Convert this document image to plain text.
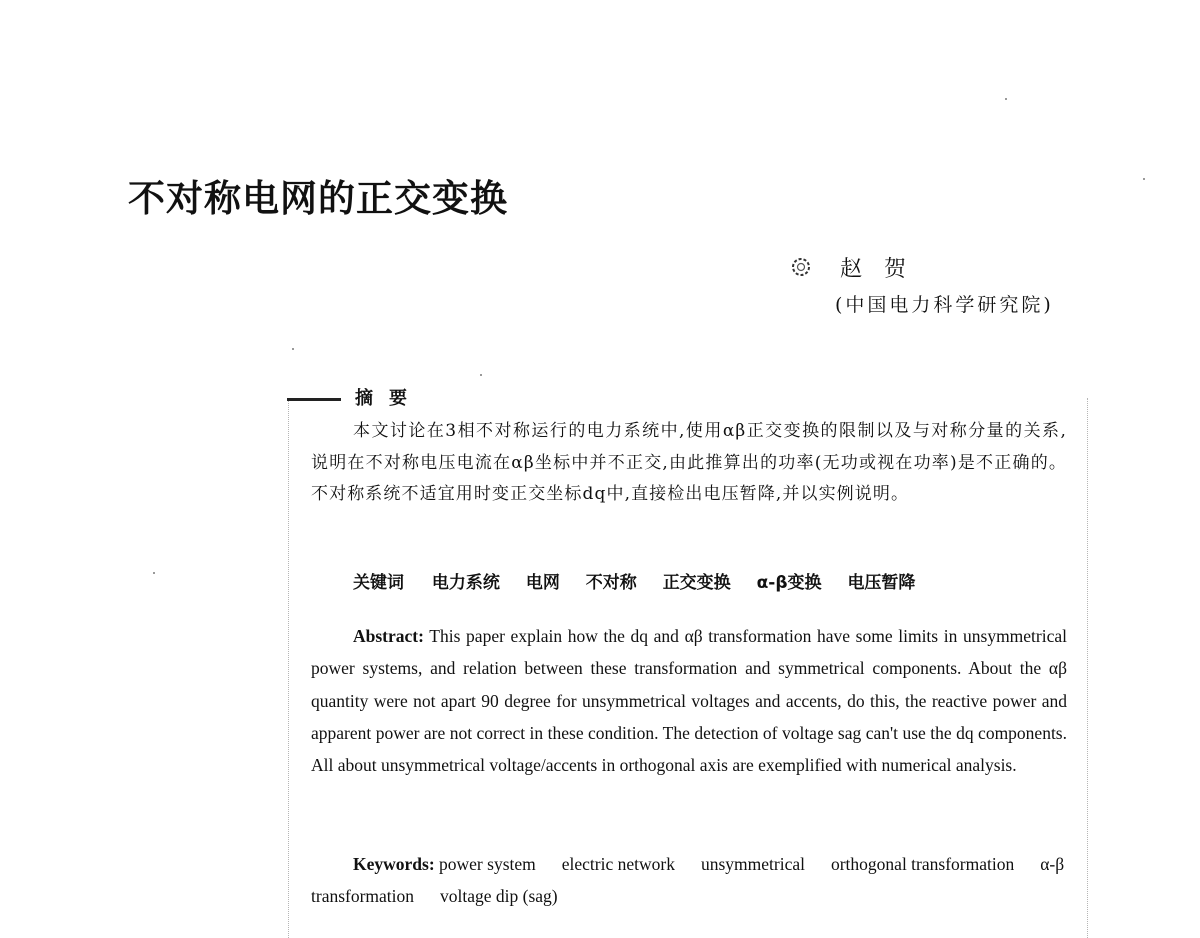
不对称电网的正交变换
赵贺
(中国电力科学研究院)
摘要

本文讨论在3相不对称运行的电力系统中,使用αβ正交变换的限制以及与对称分量的关系,说明在不对称电压电流在αβ坐标中并不正交,由此推算出的功率(无功或视在功率)是不正确的。不对称系统不适宜用时变正交坐标dq中,直接检出电压暂降,并以实例说明。

关键词 电力系统 电网 不对称 正交变换 α-β变换 电压暂降

Abstract: This paper explain how the dq and αβ transformation have some limits in unsymmetrical power systems, and relation between these transformation and symmetrical components. About the αβ quantity were not apart 90 degree for unsymmetrical voltages and accents, do this, the reactive power and apparent power are not correct in these condition. The detection of voltage sag can't use the dq components. All about unsymmetrical voltage/accents in orthogonal axis are exemplified with numerical analysis.

Keywords: power system electric network unsymmetrical orthogonal transformation α-β transformation voltage dip (sag)
